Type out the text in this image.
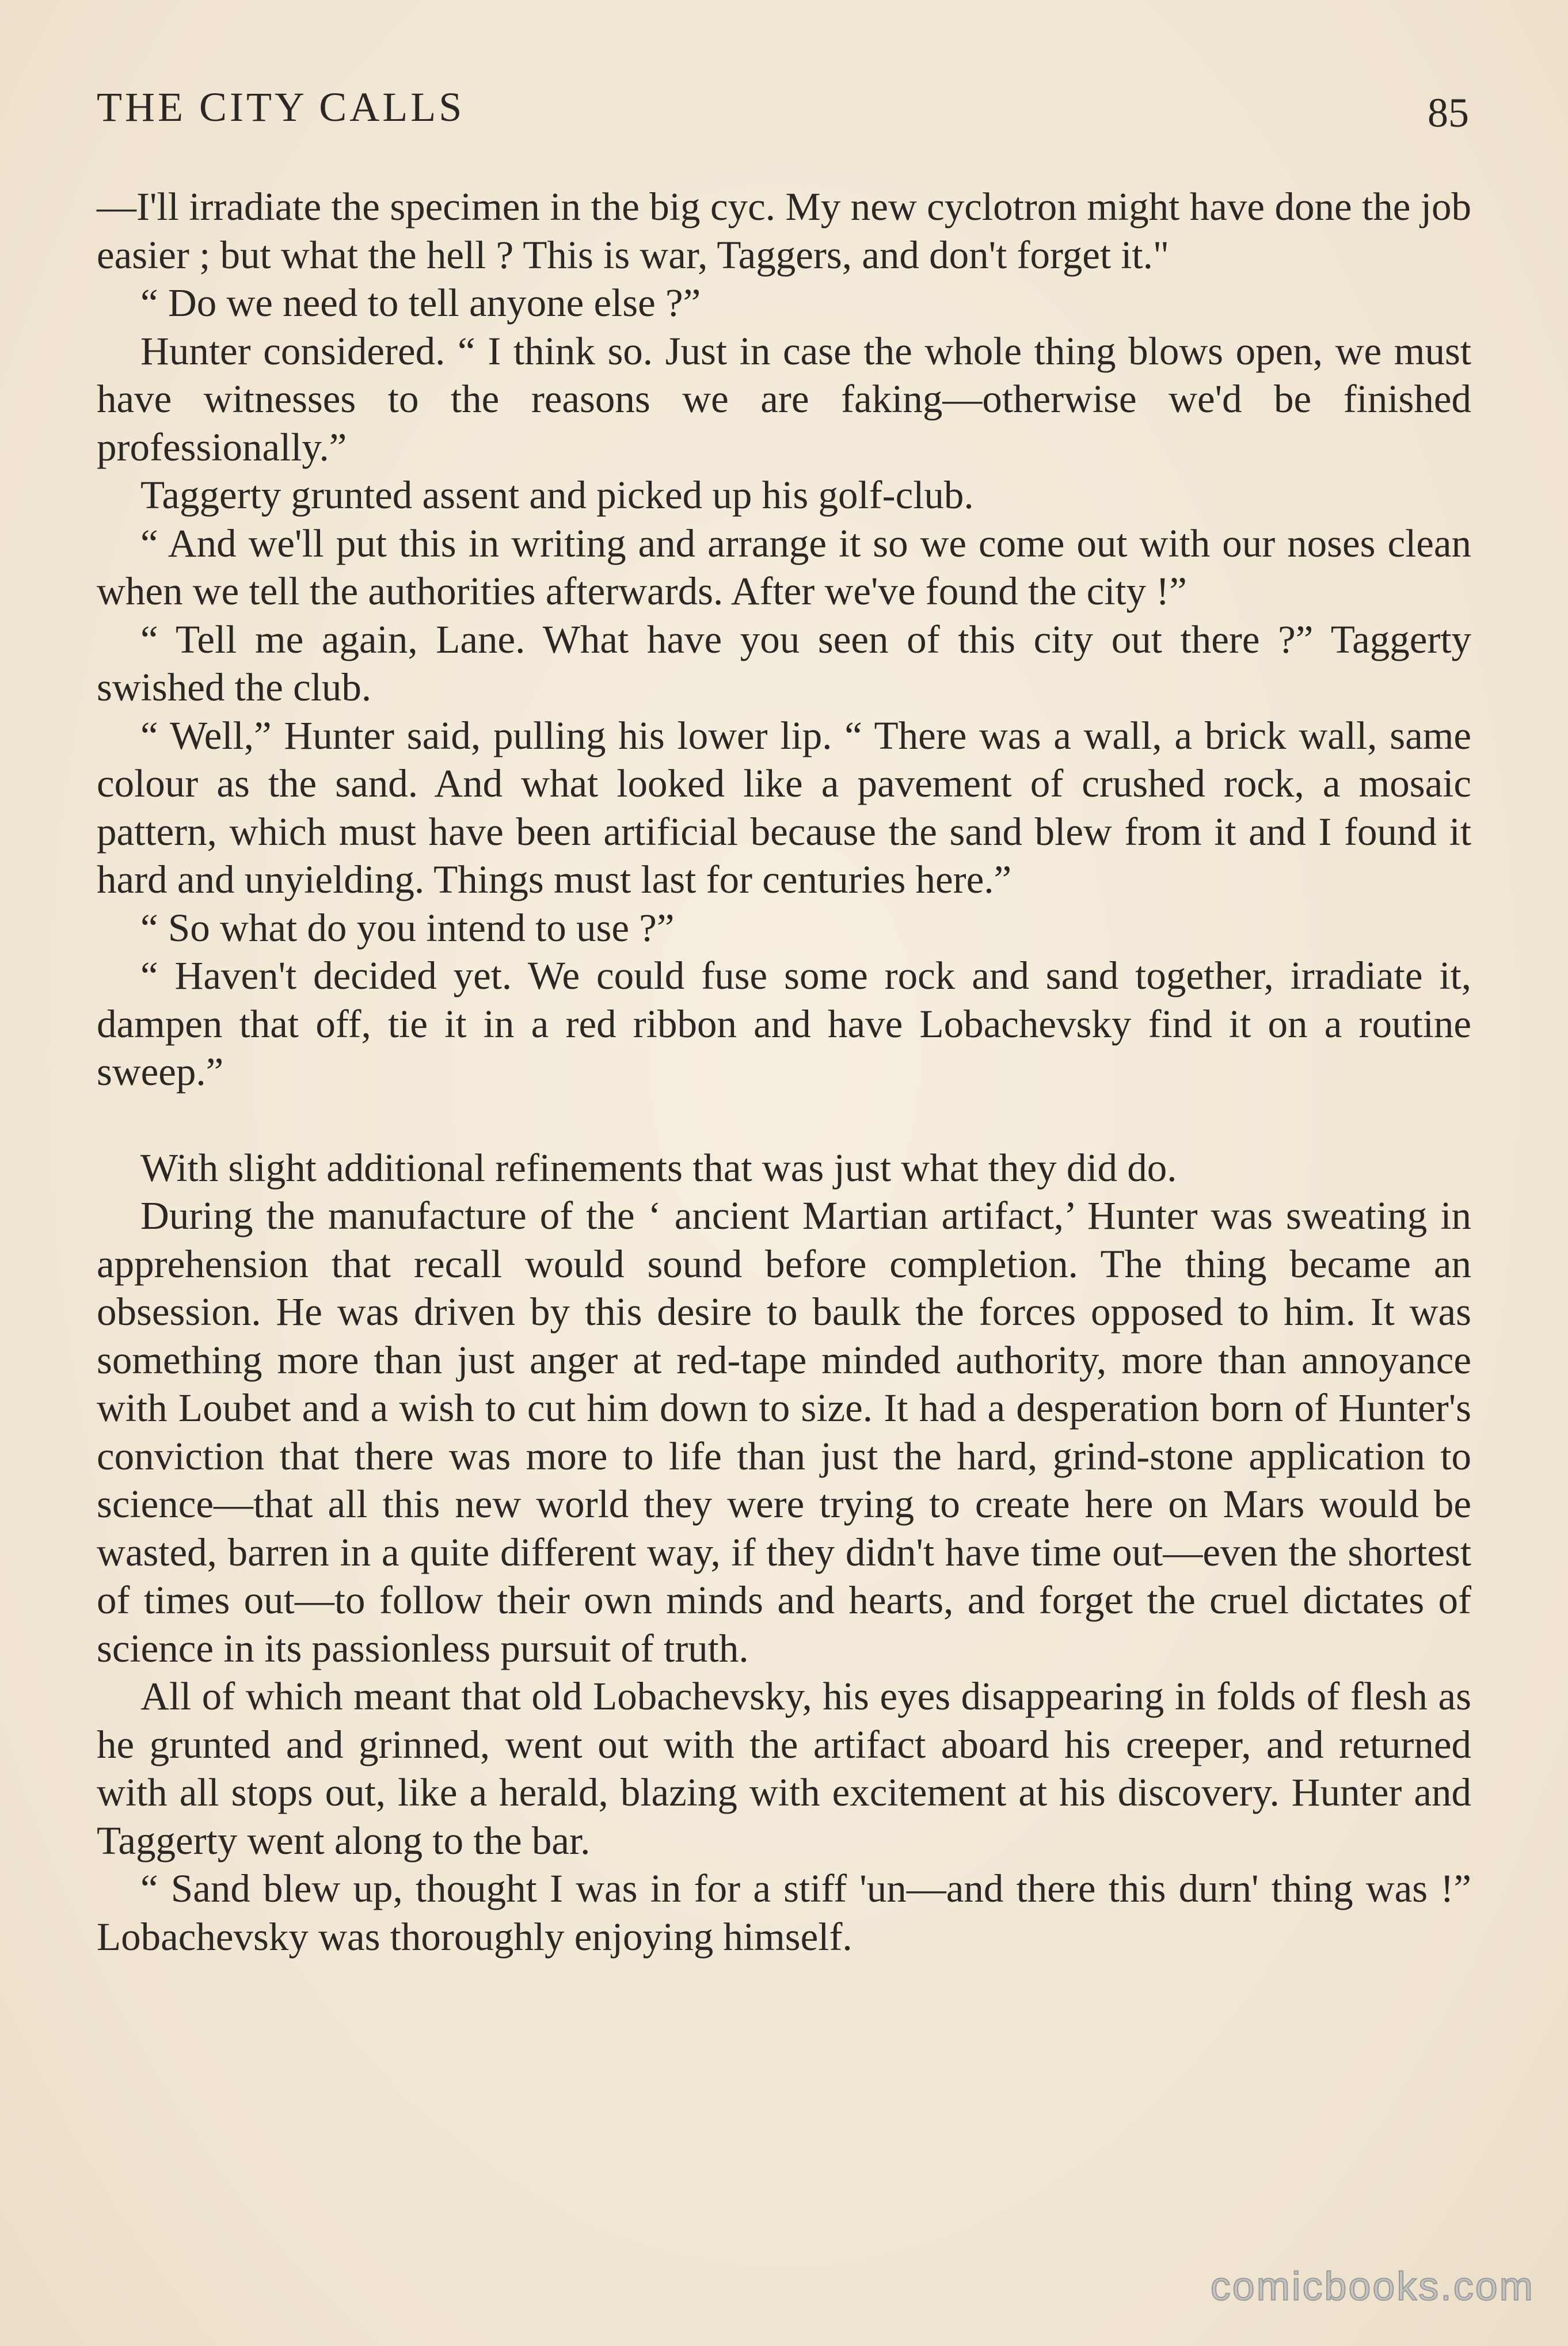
THE CITY CALLS	85

—I'll irradiate the specimen in the big cyc. My new cyclotron might have done the job easier ; but what the hell ? This is war, Taggers, and don't forget it."

“ Do we need to tell anyone else ?”

Hunter considered. “ I think so. Just in case the whole thing blows open, we must have witnesses to the reasons we are faking—otherwise we'd be finished professionally.”

Taggerty grunted assent and picked up his golf-club.

“ And we'll put this in writing and arrange it so we come out with our noses clean when we tell the authorities afterwards. After we've found the city !”

“ Tell me again, Lane. What have you seen of this city out there ?” Taggerty swished the club.

“ Well,” Hunter said, pulling his lower lip. “ There was a wall, a brick wall, same colour as the sand. And what looked like a pavement of crushed rock, a mosaic pattern, which must have been artificial because the sand blew from it and I found it hard and unyielding. Things must last for centuries here.”

“ So what do you intend to use ?”

“ Haven't decided yet. We could fuse some rock and sand together, irradiate it, dampen that off, tie it in a red ribbon and have Lobachevsky find it on a routine sweep.”

With slight additional refinements that was just what they did do.

During the manufacture of the ‘ ancient Martian artifact,’ Hunter was sweating in apprehension that recall would sound before completion. The thing became an obsession. He was driven by this desire to baulk the forces opposed to him. It was something more than just anger at red-tape minded authority, more than annoyance with Loubet and a wish to cut him down to size. It had a desperation born of Hunter's conviction that there was more to life than just the hard, grind-stone application to science—that all this new world they were trying to create here on Mars would be wasted, barren in a quite different way, if they didn't have time out—even the shortest of times out—to follow their own minds and hearts, and forget the cruel dictates of science in its passionless pursuit of truth.

All of which meant that old Lobachevsky, his eyes disappearing in folds of flesh as he grunted and grinned, went out with the artifact aboard his creeper, and returned with all stops out, like a herald, blazing with excitement at his discovery. Hunter and Taggerty went along to the bar.

“ Sand blew up, thought I was in for a stiff 'un—and there this durn' thing was !” Lobachevsky was thoroughly enjoying himself.

comicbooks.com
